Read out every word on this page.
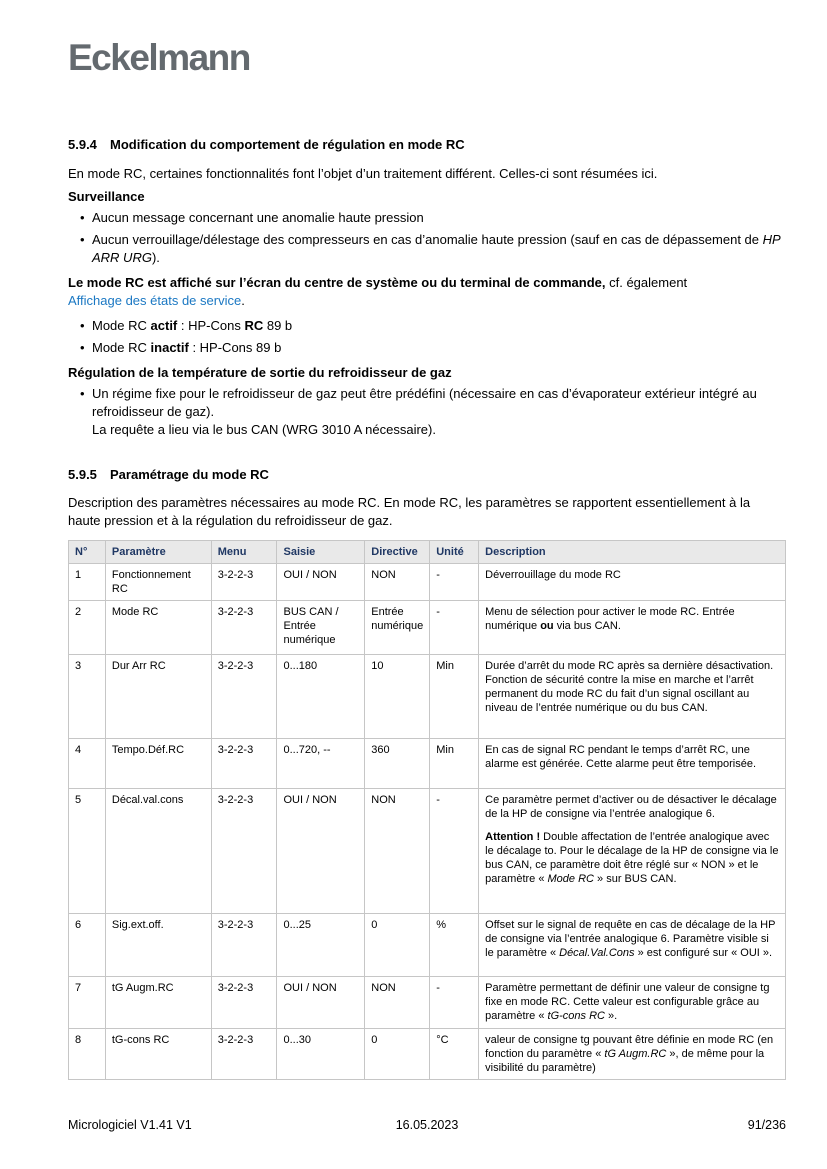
Eckelmann
5.9.4	Modification du comportement de régulation en mode RC

En mode RC, certaines fonctionnalités font l’objet d’un traitement différent. Celles-ci sont résumées ici.

Surveillance

• Aucun message concernant une anomalie haute pression
• Aucun verrouillage/délestage des compresseurs en cas d’anomalie haute pression (sauf en cas de dépassement de HP ARR URG).

Le mode RC est affiché sur l’écran du centre de système ou du terminal de commande, cf. également
Affichage des états de service.

• Mode RC actif : HP-Cons RC 89 b
• Mode RC inactif : HP-Cons 89 b

Régulation de la température de sortie du refroidisseur de gaz

• Un régime fixe pour le refroidisseur de gaz peut être prédéfini (nécessaire en cas d’évaporateur extérieur intégré au refroidisseur de gaz).
La requête a lieu via le bus CAN (WRG 3010 A nécessaire).
5.9.5	Paramétrage du mode RC

Description des paramètres nécessaires au mode RC. En mode RC, les paramètres se rapportent essentiellement à la haute pression et à la régulation du refroidisseur de gaz.

N°	Paramètre	Menu	Saisie	Directive	Unité	Description
1	Fonctionnement RC	3-2-2-3	OUI / NON	NON	-	Déverrouillage du mode RC

2	Mode RC	3-2-2-3	BUS CAN / Entrée numérique	Entrée numérique	-	Menu de sélection pour activer le mode RC. Entrée numérique ou via bus CAN.

3	Dur Arr RC	3-2-2-3	0...180	10	Min	Durée d’arrêt du mode RC après sa dernière désactivation. Fonction de sécurité contre la mise en marche et l’arrêt permanent du mode RC du fait d’un signal oscillant au niveau de l’entrée numérique ou du bus CAN.

4	Tempo.Déf.RC	3-2-2-3	0...720, --	360	Min	En cas de signal RC pendant le temps d’arrêt RC, une alarme est générée. Cette alarme peut être temporisée.

5	Décal.val.cons	3-2-2-3	OUI / NON	NON	-	Ce paramètre permet d’activer ou de désactiver le décalage de la HP de consigne via l’entrée analogique 6.

Attention ! Double affectation de l’entrée analogique avec le décalage to. Pour le décalage de la HP de consigne via le bus CAN, ce paramètre doit être réglé sur « NON » et le paramètre « Mode RC » sur BUS CAN.

6	Sig.ext.off.	3-2-2-3	0...25	0	%	Offset sur le signal de requête en cas de décalage de la HP de consigne via l’entrée analogique 6. Paramètre visible si le paramètre « Décal.Val.Cons » est configuré sur « OUI ».

7	tG Augm.RC	3-2-2-3	OUI / NON	NON	-	Paramètre permettant de définir une valeur de consigne tg fixe en mode RC. Cette valeur est configurable grâce au paramètre « tG-cons RC ».

8	tG-cons RC	3-2-2-3	0...30	0	°C	valeur de consigne tg pouvant être définie en mode RC (en fonction du paramètre « tG Augm.RC », de même pour la visibilité du paramètre)

Micrologiciel V1.41 V1	16.05.2023	91/236
